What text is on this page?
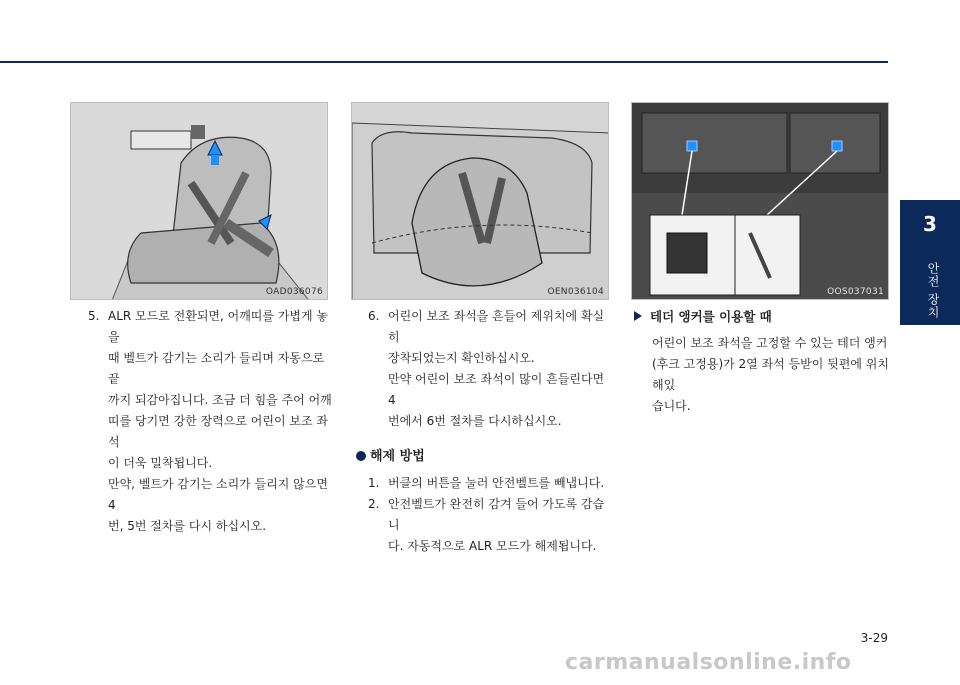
3
안전 장치
OAD036076	OEN036104	OOS037031
5. ALR 모드로 전환되면, 어깨띠를 가볍게 놓을
때 벨트가 감기는 소리가 들리며 자동으로 끝
까지 되감아집니다. 조금 더 힘을 주어 어깨
띠를 당기면 강한 장력으로 어린이 보조 좌석
이 더욱 밀착됩니다.
만약, 벨트가 감기는 소리가 들리지 않으면 4
번, 5번 절차를 다시 하십시오.
6. 어린이 보조 좌석을 흔들어 제위치에 확실히
장착되었는지 확인하십시오.
만약 어린이 보조 좌석이 많이 흔들린다면 4
번에서 6번 절차를 다시하십시오.
해제 방법
1. 버클의 버튼을 눌러 안전벨트를 빼냅니다.
2. 안전벨트가 완전히 감겨 들어 가도록 감습니
다. 자동적으로 ALR 모드가 해제됩니다.
테더 앵커를 이용할 때
어린이 보조 좌석을 고정할 수 있는 테더 앵커
(후크 고정용)가 2열 좌석 등받이 뒷편에 위치해있
습니다.
3-29
carmanualsonline.info
